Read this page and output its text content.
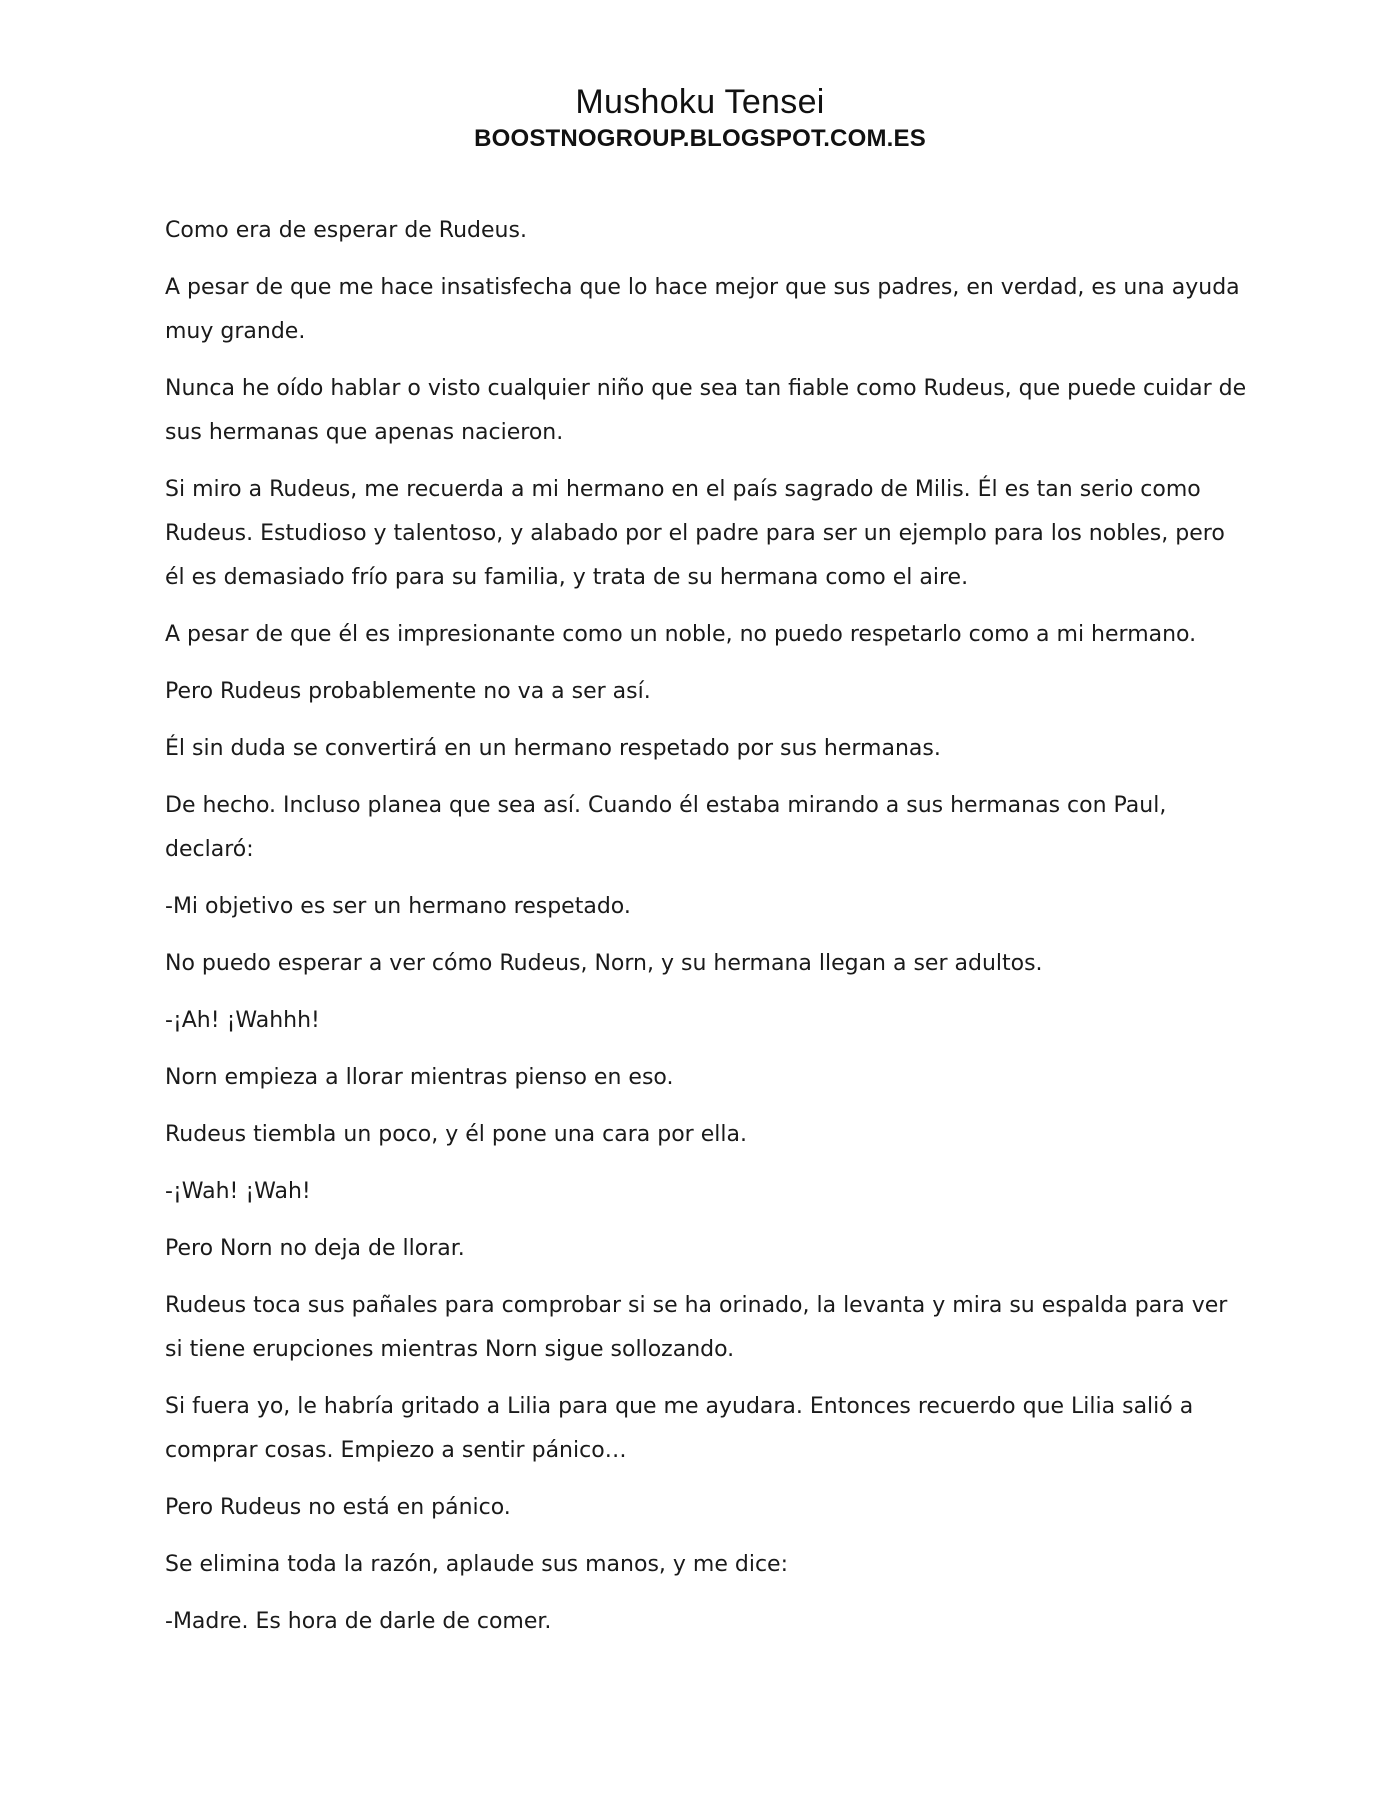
Mushoku Tensei
BOOSTNOGROUP.BLOGSPOT.COM.ES

Como era de esperar de Rudeus.

A pesar de que me hace insatisfecha que lo hace mejor que sus padres, en verdad, es una ayuda muy grande.

Nunca he oído hablar o visto cualquier niño que sea tan fiable como Rudeus, que puede cuidar de sus hermanas que apenas nacieron.

Si miro a Rudeus, me recuerda a mi hermano en el país sagrado de Milis. Él es tan serio como Rudeus. Estudioso y talentoso, y alabado por el padre para ser un ejemplo para los nobles, pero él es demasiado frío para su familia, y trata de su hermana como el aire.

A pesar de que él es impresionante como un noble, no puedo respetarlo como a mi hermano.

Pero Rudeus probablemente no va a ser así.

Él sin duda se convertirá en un hermano respetado por sus hermanas.

De hecho. Incluso planea que sea así. Cuando él estaba mirando a sus hermanas con Paul, declaró:

-Mi objetivo es ser un hermano respetado.

No puedo esperar a ver cómo Rudeus, Norn, y su hermana llegan a ser adultos.

-¡Ah! ¡Wahhh!

Norn empieza a llorar mientras pienso en eso.

Rudeus tiembla un poco, y él pone una cara por ella.

-¡Wah! ¡Wah!

Pero Norn no deja de llorar.

Rudeus toca sus pañales para comprobar si se ha orinado, la levanta y mira su espalda para ver si tiene erupciones mientras Norn sigue sollozando.

Si fuera yo, le habría gritado a Lilia para que me ayudara. Entonces recuerdo que Lilia salió a comprar cosas. Empiezo a sentir pánico…

Pero Rudeus no está en pánico.

Se elimina toda la razón, aplaude sus manos, y me dice:

-Madre. Es hora de darle de comer.
